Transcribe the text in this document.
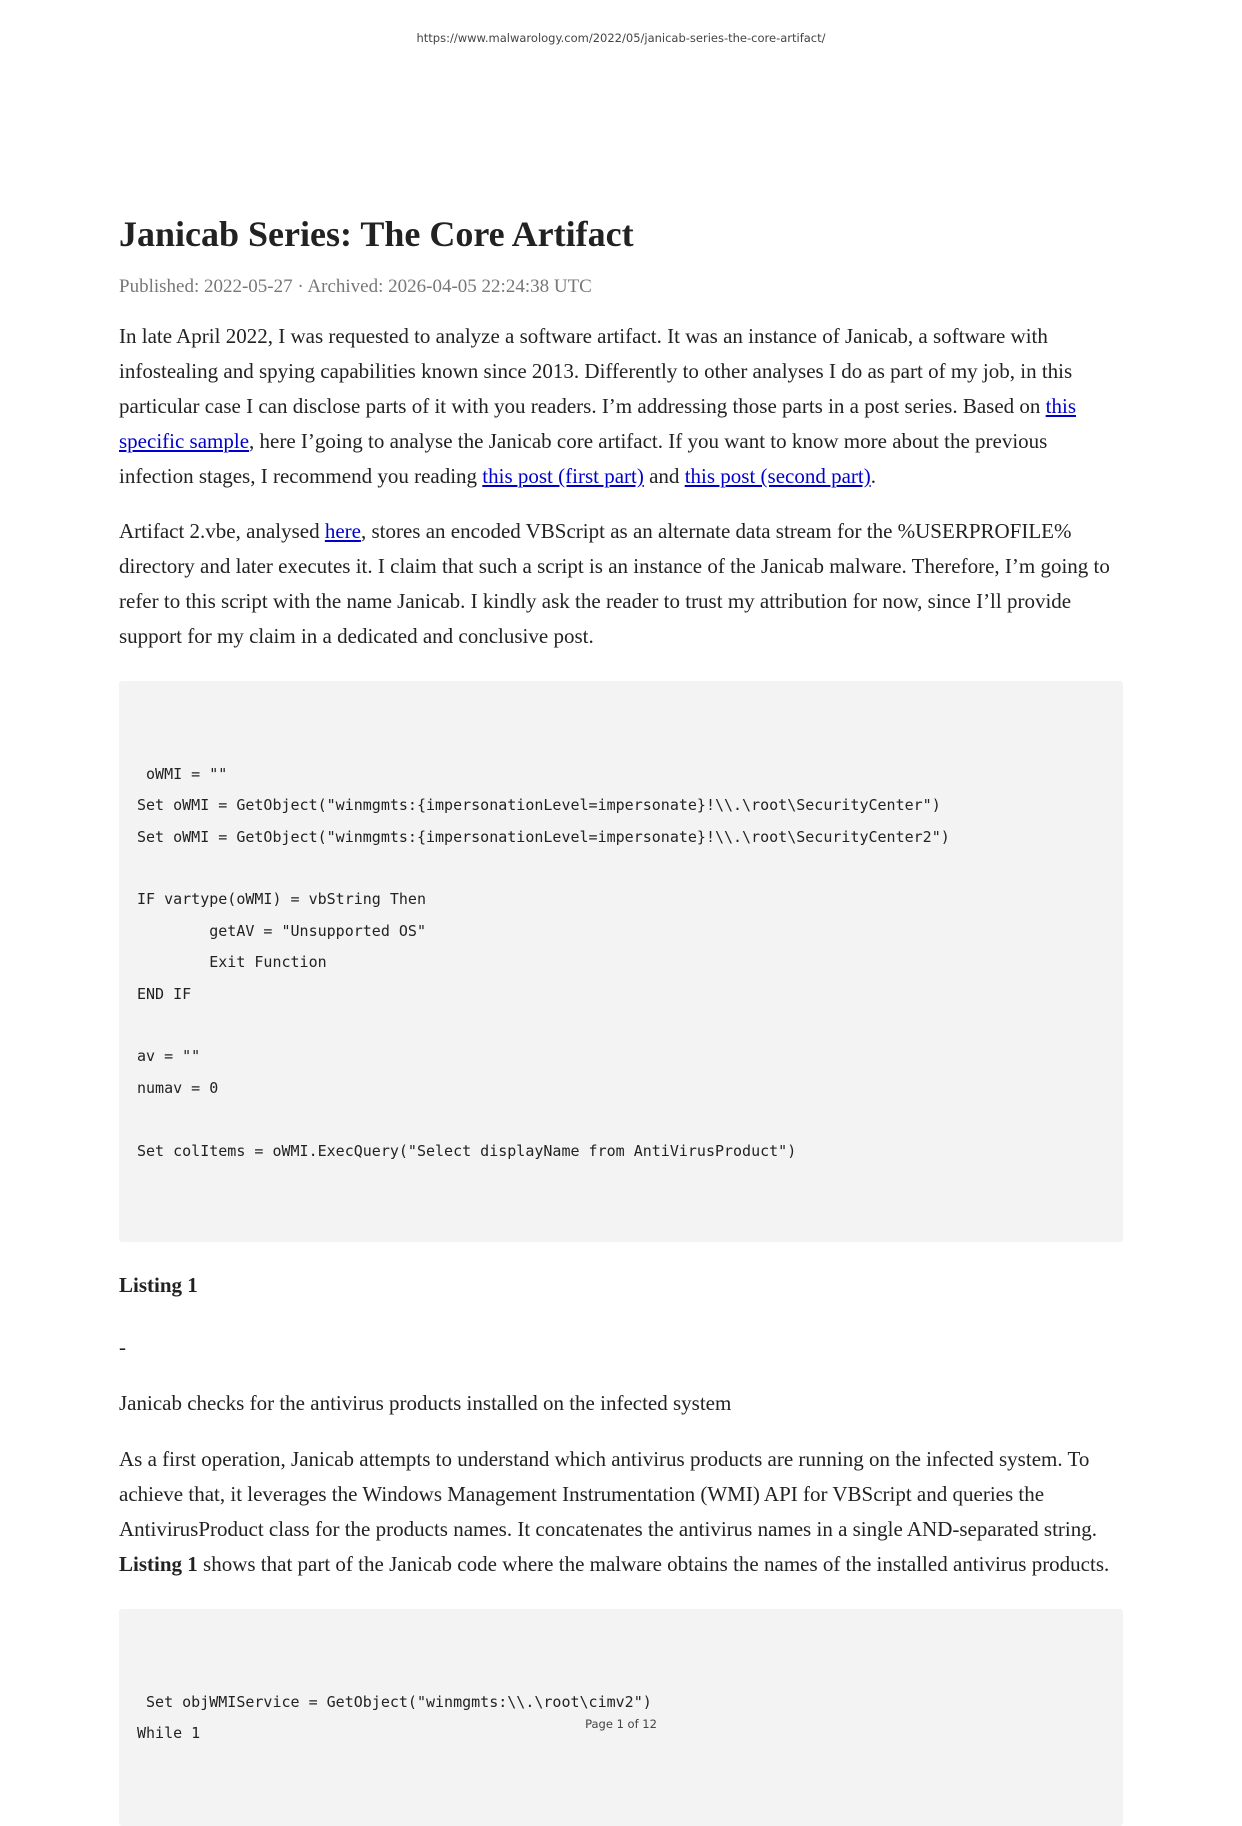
https://www.malwarology.com/2022/05/janicab-series-the-core-artifact/
Janicab Series: The Core Artifact
Published: 2022-05-27 · Archived: 2026-04-05 22:24:38 UTC

In late April 2022, I was requested to analyze a software artifact. It was an instance of Janicab, a software with infostealing and spying capabilities known since 2013. Differently to other analyses I do as part of my job, in this particular case I can disclose parts of it with you readers. I’m addressing those parts in a post series. Based on this specific sample, here I’going to analyse the Janicab core artifact. If you want to know more about the previous infection stages, I recommend you reading this post (first part) and this post (second part).

Artifact 2.vbe, analysed here, stores an encoded VBScript as an alternate data stream for the %USERPROFILE% directory and later executes it. I claim that such a script is an instance of the Janicab malware. Therefore, I’m going to refer to this script with the name Janicab. I kindly ask the reader to trust my attribution for now, since I’ll provide support for my claim in a dedicated and conclusive post.

oWMI = ""
Set oWMI = GetObject("winmgmts:{impersonationLevel=impersonate}!\\.\root\SecurityCenter")
Set oWMI = GetObject("winmgmts:{impersonationLevel=impersonate}!\\.\root\SecurityCenter2")
IF vartype(oWMI) = vbString Then
getAV = "Unsupported OS"
Exit Function
END IF
av = ""
numav = 0
Set colItems = oWMI.ExecQuery("Select displayName from AntiVirusProduct")

Listing 1
-

Janicab checks for the antivirus products installed on the infected system

As a first operation, Janicab attempts to understand which antivirus products are running on the infected system. To achieve that, it leverages the Windows Management Instrumentation (WMI) API for VBScript and queries the AntivirusProduct class for the products names. It concatenates the antivirus names in a single AND-separated string. Listing 1 shows that part of the Janicab code where the malware obtains the names of the installed antivirus products.

Set objWMIService = GetObject("winmgmts:\\.\root\cimv2")
While 1

	Page 1 of 12
